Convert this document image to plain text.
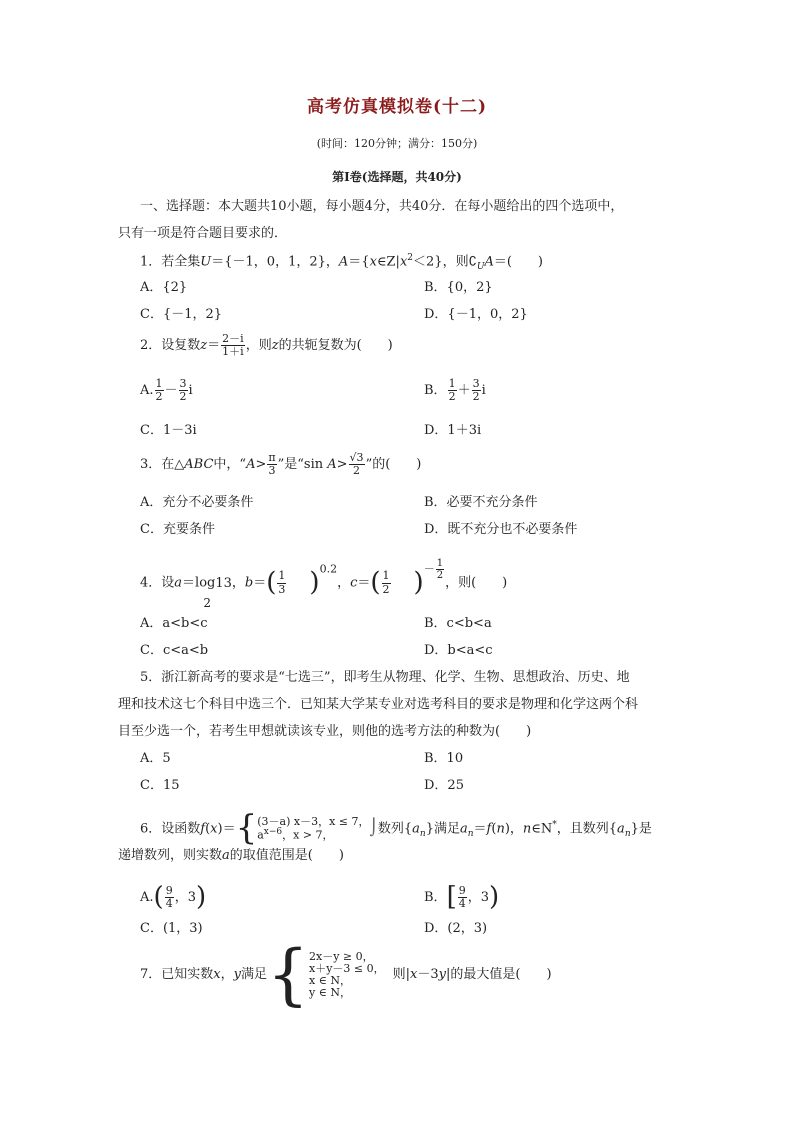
高考仿真模拟卷(十二)
(时间：120分钟；满分：150分)
第Ⅰ卷(选择题，共40分)
一、选择题：本大题共10小题，每小题4分，共40分．在每小题给出的四个选项中，
只有一项是符合题目要求的．
1．若全集U＝{－1，0，1，2}，$A=\{x\in Z|x^2<2\}$，则$∁_UA=$(　　)
A．{2}	B．{0，2}
C．{－1，2}	D．{－1，0，2}
2．设复数$z= \frac{2-i}{1+i}$ ，则z的共轭复数为(　　)
A. $\frac{1}{2} - \frac{3}{2}$ i	B． $\frac{1}{2} + \frac{3}{2}$ i
C．1－3i	D．1＋3i
3．在△ABC中，“$A> \frac{\pi}{3}$ ”是“sin $A> \frac{√3}{2}$ ”的(　　)
A．充分不必要条件	B．必要不充分条件
C．充要条件	D．既不充分也不必要条件
4．设a＝log13
2
，$b=( \frac{1}{3} )^{0.2}$，$c=( \frac{1}{2}$ )－ $\frac{1}{2}$
，则(　　)
A．a<b<c	B．c<b<a
C．c<a<b	D．b<a<c
5．浙江新高考的要求是“七选三”，即考生从物理、化学、生物、思想政治、历史、地
理和技术这七个科目中选三个．已知某大学某专业对选考科目的要求是物理和化学这两个科
目至少选一个，若考生甲想就读该专业，则他的选考方法的种数为(　　)
A．5	B．10
C．15	D．25
6．设函数f(x)＝{ (3－a) x－3，x ≤ 7，
$a^{x-6}$，x > 7，	⌡数列$\{a_n\}$满足$a_n=f(n)$，n∈N*，且数列$\{a_n\}$是
递增数列，则实数a的取值范围是(　　)
$A.( \frac{9}{4}$ ，3)	B．[ $\frac{9}{4}$ ，3)
C．(1，3)	D．(2，3)
7．已知实数x，y满足{ 2x－y ≥ 0，
x＋y－3 ≤ 0，
x ∈ N，
y ∈ N，
则|x－3y|的最大值是(　　)
